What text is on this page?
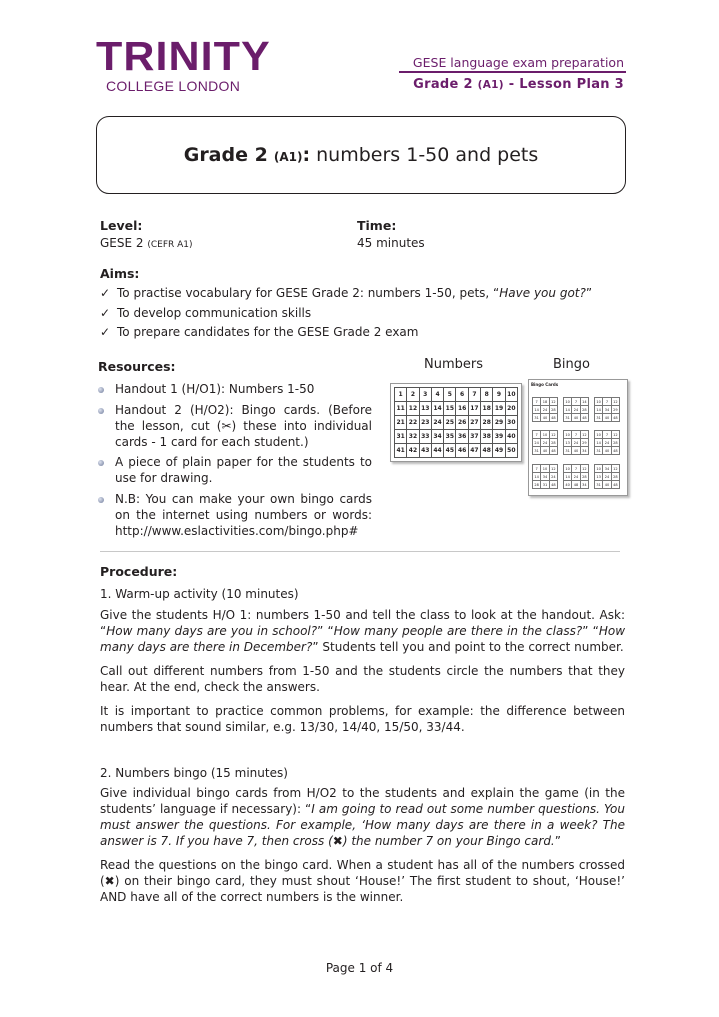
TRINITY
COLLEGE LONDON
GESE language exam preparation
Grade 2 (A1) - Lesson Plan 3
Grade 2 (A1): numbers 1-50 and pets
Level:
GESE 2 (CEFR A1)
Time:
45 minutes
Aims:
✓ To practise vocabulary for GESE Grade 2: numbers 1-50, pets, “Have you got?”
✓ To develop communication skills
✓ To prepare candidates for the GESE Grade 2 exam
Resources:	Numbers	Bingo
Handout 1 (H/O1): Numbers 1-50
Handout 2 (H/O2): Bingo cards. (Before the lesson, cut (✂) these into individual cards - 1 card for each student.)
A piece of plain paper for the students to use for drawing.
N.B: You can make your own bingo cards on the internet using numbers or words: http://www.eslactivities.com/bingo.php#
1	2	3	4	5	6	7	8	9	10
11	12	13	14	15	16	17	18	19	20
21	22	23	24	25	26	27	28	29	30
31	32	33	34	35	36	37	38	39	40
41	42	43	44	45	46	47	48	49	50
Bingo Cards
7	18	12
14	24	28
31	40	48
10	7	14
14	24	28
31	40	48
10	7	12
14	34	29
31	40	48
7	10	12
24	24	28
31	40	48
10	7	12
13	24	29
31	40	34
10	7	12
14	24	28
31	40	48
7	10	12
14	34	24
28	31	48
10	7	12
14	24	28
40	48	34
10	34	12
13	24	28
31	40	48
Procedure:
1. Warm-up activity (10 minutes)
Give the students H/O 1: numbers 1-50 and tell the class to look at the handout. Ask: “How many days are you in school?” “How many people are there in the class?” “How many days are there in December?” Students tell you and point to the correct number.
Call out different numbers from 1-50 and the students circle the numbers that they hear. At the end, check the answers.
It is important to practice common problems, for example: the difference between numbers that sound similar, e.g. 13/30, 14/40, 15/50, 33/44.
2. Numbers bingo (15 minutes)
Give individual bingo cards from H/O2 to the students and explain the game (in the students’ language if necessary): “I am going to read out some number questions. You must answer the questions. For example, ‘How many days are there in a week? The answer is 7. If you have 7, then cross (✖) the number 7 on your Bingo card.”
Read the questions on the bingo card. When a student has all of the numbers crossed (✖) on their bingo card, they must shout ‘House!’ The first student to shout, ‘House!’ AND have all of the correct numbers is the winner.
Page 1 of 4
